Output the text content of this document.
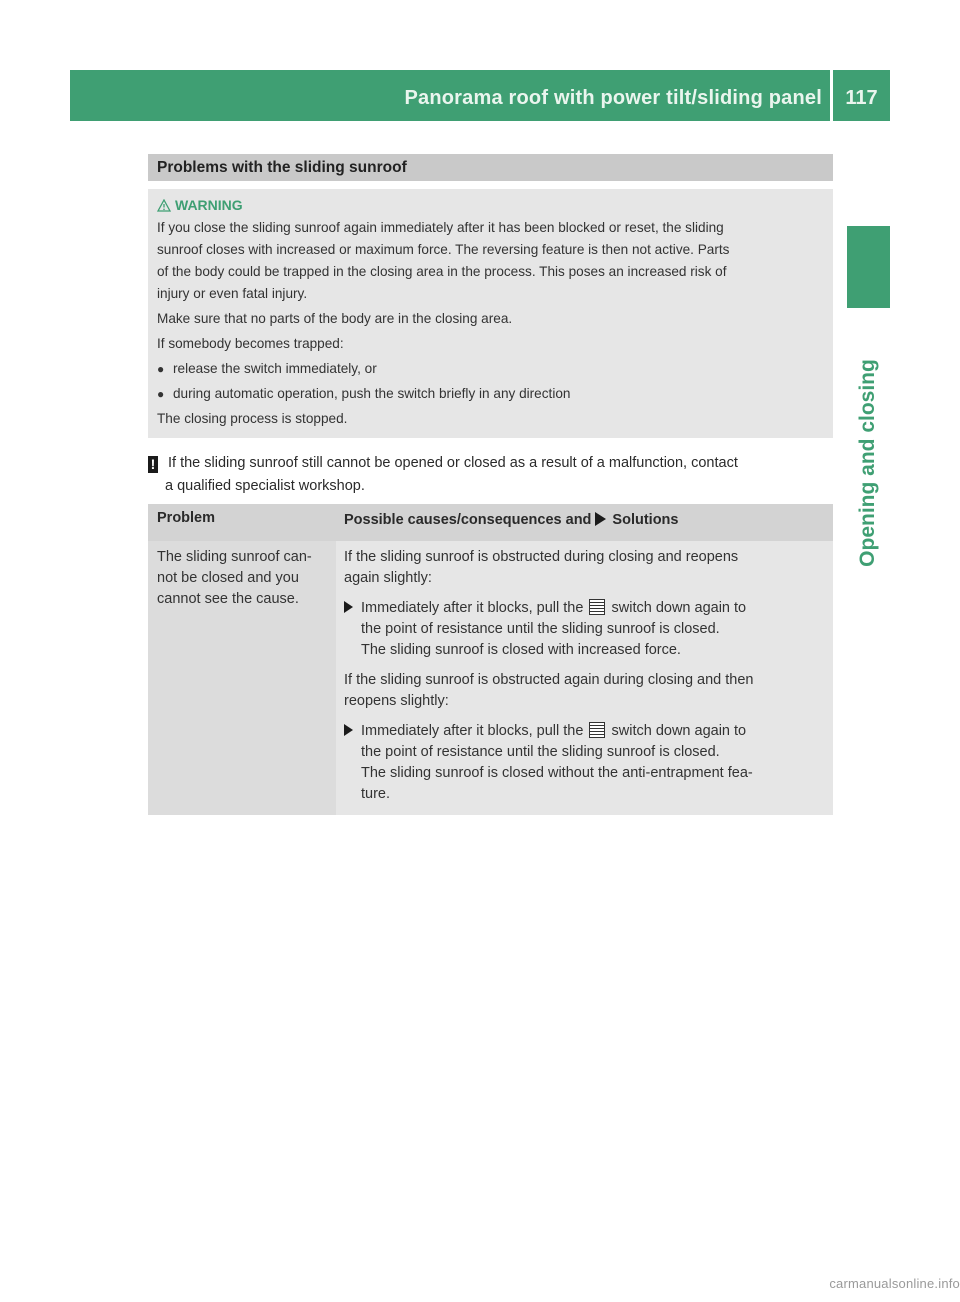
Panorama roof with power tilt/sliding panel	117
Opening and closing
Problems with the sliding sunroof
WARNING

If you close the sliding sunroof again immediately after it has been blocked or reset, the sliding

sunroof closes with increased or maximum force. The reversing feature is then not active. Parts

of the body could be trapped in the closing area in the process. This poses an increased risk of

injury or even fatal injury.

Make sure that no parts of the body are in the closing area.

If somebody becomes trapped:

● release the switch immediately, or

● during automatic operation, push the switch briefly in any direction

The closing process is stopped.

! If the sliding sunroof still cannot be opened or closed as a result of a malfunction, contact
a qualified specialist workshop.
Problem	Possible causes/consequences and Solutions
The sliding sunroof can-
not be closed and you
cannot see the cause.

If the sliding sunroof is obstructed during closing and reopens

again slightly:

Immediately after it blocks, pull the switch down again to
the point of resistance until the sliding sunroof is closed.
The sliding sunroof is closed with increased force.

If the sliding sunroof is obstructed again during closing and then

reopens slightly:

Immediately after it blocks, pull the switch down again to
the point of resistance until the sliding sunroof is closed.
The sliding sunroof is closed without the anti-entrapment fea-
ture.

carmanualsonline.info
